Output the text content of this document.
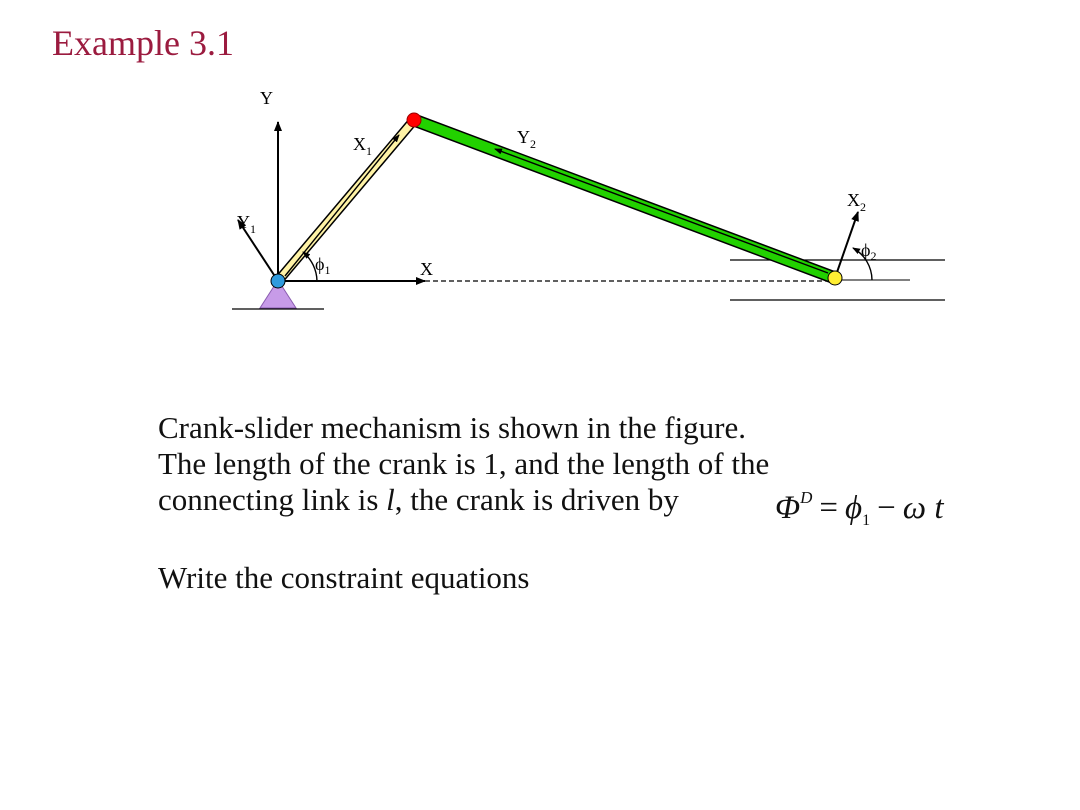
Example 3.1
Y
X
$X_1$
$Y_1$
$Y_2$
$X_2$
$\phi_1$
$\phi_2$

Crank-slider mechanism is shown in the figure.

The length of the crank is 1, and the length of the

connecting link is l, the crank is driven by	$\Phi^D = \phi_1 - \omega$ t

Write the constraint equations
